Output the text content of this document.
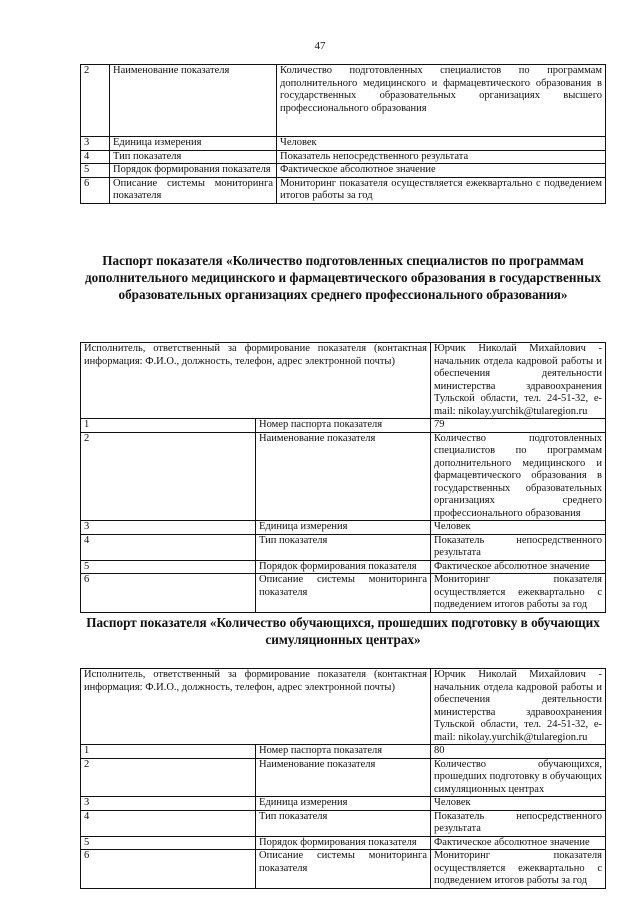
47
2	Наименование показателя	Количество подготовленных специалистов по программам дополнительного медицинского и фармацевтического образования в государственных образовательных организациях высшего профессионального образования
3	Единица измерения	Человек
4	Тип показателя	Показатель непосредственного результата
5	Порядок формирования показателя	Фактическое абсолютное значение
6	Описание системы мониторинга показателя	Мониторинг показателя осуществляется ежеквартально с подведением итогов работы за год
Паспорт показателя «Количество подготовленных специалистов по программам дополнительного медицинского и фармацевтического образования в государственных образовательных организациях среднего профессионального образования»
Исполнитель, ответственный за формирование показателя (контактная информация: Ф.И.О., должность, телефон, адрес электронной почты)		Юрчик Николай Михайлович - начальник отдела кадровой работы и обеспечения деятельности министерства здравоохранения Тульской области, тел. 24-51-32, e-mail: nikolay.yurchik@tularegion.ru
1	Номер паспорта показателя	79
2	Наименование показателя	Количество подготовленных специалистов по программам дополнительного медицинского и фармацевтического образования в государственных образовательных организациях среднего профессионального образования
3	Единица измерения	Человек
4	Тип показателя	Показатель непосредственного результата
5	Порядок формирования показателя	Фактическое абсолютное значение
6	Описание системы мониторинга показателя	Мониторинг показателя осуществляется ежеквартально с подведением итогов работы за год
Паспорт показателя «Количество обучающихся, прошедших подготовку в обучающих симуляционных центрах»
Исполнитель, ответственный за формирование показателя (контактная информация: Ф.И.О., должность, телефон, адрес электронной почты)		Юрчик Николай Михайлович - начальник отдела кадровой работы и обеспечения деятельности министерства здравоохранения Тульской области, тел. 24-51-32, e-mail: nikolay.yurchik@tularegion.ru
1	Номер паспорта показателя	80
2	Наименование показателя	Количество обучающихся, прошедших подготовку в обучающих симуляционных центрах
3	Единица измерения	Человек
4	Тип показателя	Показатель непосредственного результата
5	Порядок формирования показателя	Фактическое абсолютное значение
6	Описание системы мониторинга показателя	Мониторинг показателя осуществляется ежеквартально с подведением итогов работы за год
